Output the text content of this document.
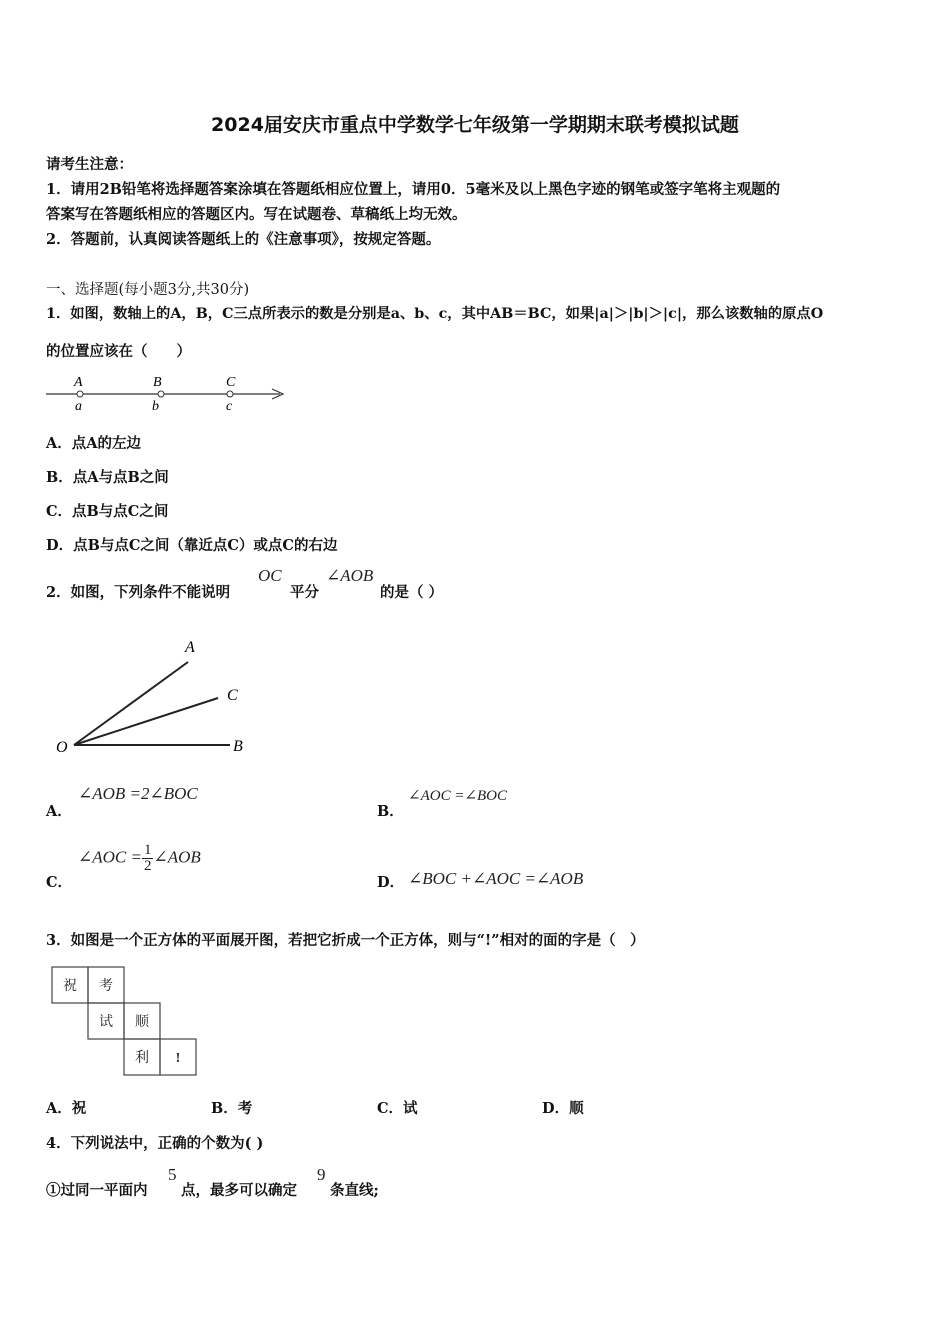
2024届安庆市重点中学数学七年级第一学期期末联考模拟试题
请考生注意：
1．请用2B铅笔将选择题答案涂填在答题纸相应位置上，请用0．5毫米及以上黑色字迹的钢笔或签字笔将主观题的
答案写在答题纸相应的答题区内。写在试题卷、草稿纸上均无效。
2．答题前，认真阅读答题纸上的《注意事项》，按规定答题。
一、选择题(每小题3分,共30分)
1．如图，数轴上的A，B，C三点所表示的数是分别是a、b、c，其中AB＝BC，如果|a|＞|b|＞|c|，那么该数轴的原点O
的位置应该在（　　）
A	B	C
a	b	c
A．点A的左边
B．点A与点B之间
C．点B与点C之间
D．点B与点C之间（靠近点C）或点C的右边
2．如图，下列条件不能说明
OC
平分
∠AOB
的是（ ）
A
C
O	B
A．
∠AOB =2∠BOC
B．
∠AOC =∠BOC
C．
∠AOC = $\frac{1}{2}$ ∠AOB
D． ∠BOC +∠AOC =∠AOB
3．如图是一个正方体的平面展开图，若把它折成一个正方体，则与“!”相对的面的字是（　）
祝 考
试 顺
利 !
A．祝	B．考	C．试	D．顺
4．下列说法中，正确的个数为( )
①过同一平面内
5
点，最多可以确定
9
条直线;
